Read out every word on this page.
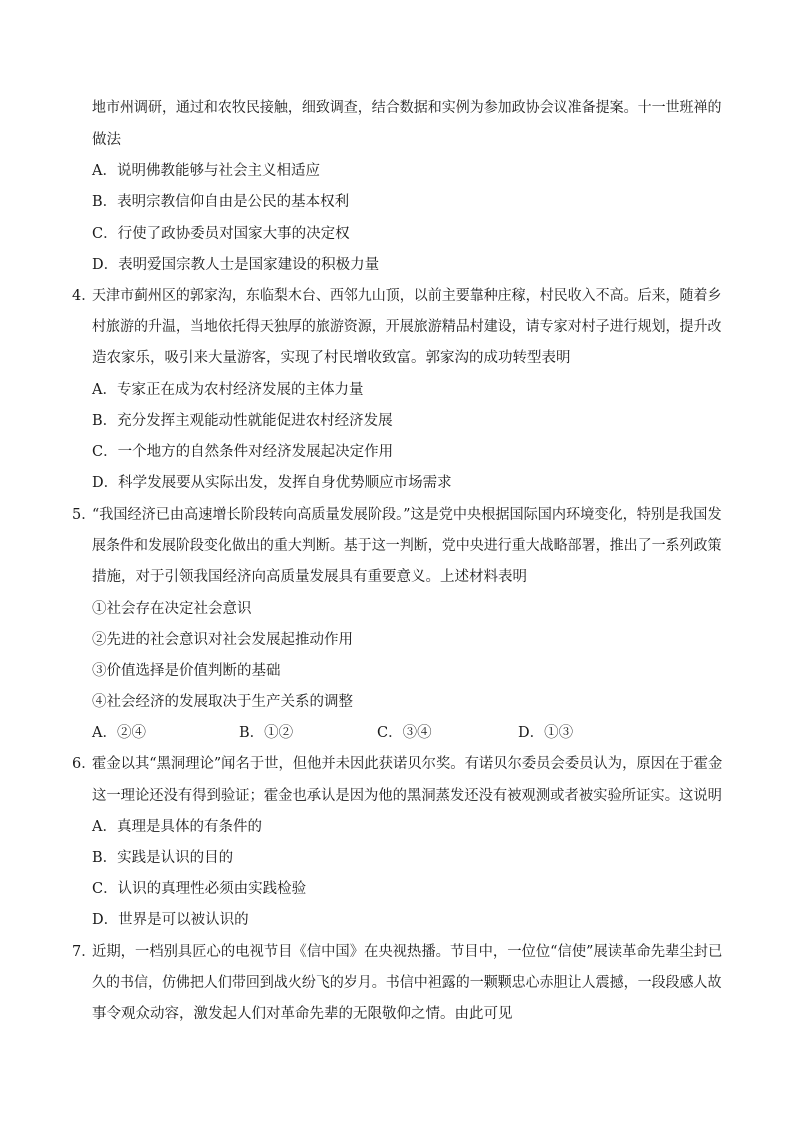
地市州调研，通过和农牧民接触，细致调查，结合数据和实例为参加政协会议准备提案。十一世班禅的
做法
A．说明佛教能够与社会主义相适应
B．表明宗教信仰自由是公民的基本权利
C．行使了政协委员对国家大事的决定权
D．表明爱国宗教人士是国家建设的积极力量
4．
天津市蓟州区的郭家沟，东临梨木台、西邻九山顶，以前主要靠种庄稼，村民收入不高。后来，随着乡
村旅游的升温，当地依托得天独厚的旅游资源，开展旅游精品村建设，请专家对村子进行规划，提升改
造农家乐，吸引来大量游客，实现了村民增收致富。郭家沟的成功转型表明
A．专家正在成为农村经济发展的主体力量
B．充分发挥主观能动性就能促进农村经济发展
C．一个地方的自然条件对经济发展起决定作用
D．科学发展要从实际出发，发挥自身优势顺应市场需求
5．
“我国经济已由高速增长阶段转向高质量发展阶段。”这是党中央根据国际国内环境变化，特别是我国发
展条件和发展阶段变化做出的重大判断。基于这一判断，党中央进行重大战略部署，推出了一系列政策
措施，对于引领我国经济向高质量发展具有重要意义。上述材料表明
①社会存在决定社会意识
②先进的社会意识对社会发展起推动作用
③价值选择是价值判断的基础
④社会经济的发展取决于生产关系的调整
A．②④	B．①②	C．③④	D．①③
6．
霍金以其“黑洞理论”闻名于世，但他并未因此获诺贝尔奖。有诺贝尔委员会委员认为，原因在于霍金
这一理论还没有得到验证；霍金也承认是因为他的黑洞蒸发还没有被观测或者被实验所证实。这说明
A．真理是具体的有条件的
B．实践是认识的目的
C．认识的真理性必须由实践检验
D．世界是可以被认识的
7．
近期，一档别具匠心的电视节目《信中国》在央视热播。节目中，一位位“信使”展读革命先辈尘封已
久的书信，仿佛把人们带回到战火纷飞的岁月。书信中袒露的一颗颗忠心赤胆让人震撼，一段段感人故
事令观众动容，激发起人们对革命先辈的无限敬仰之情。由此可见
